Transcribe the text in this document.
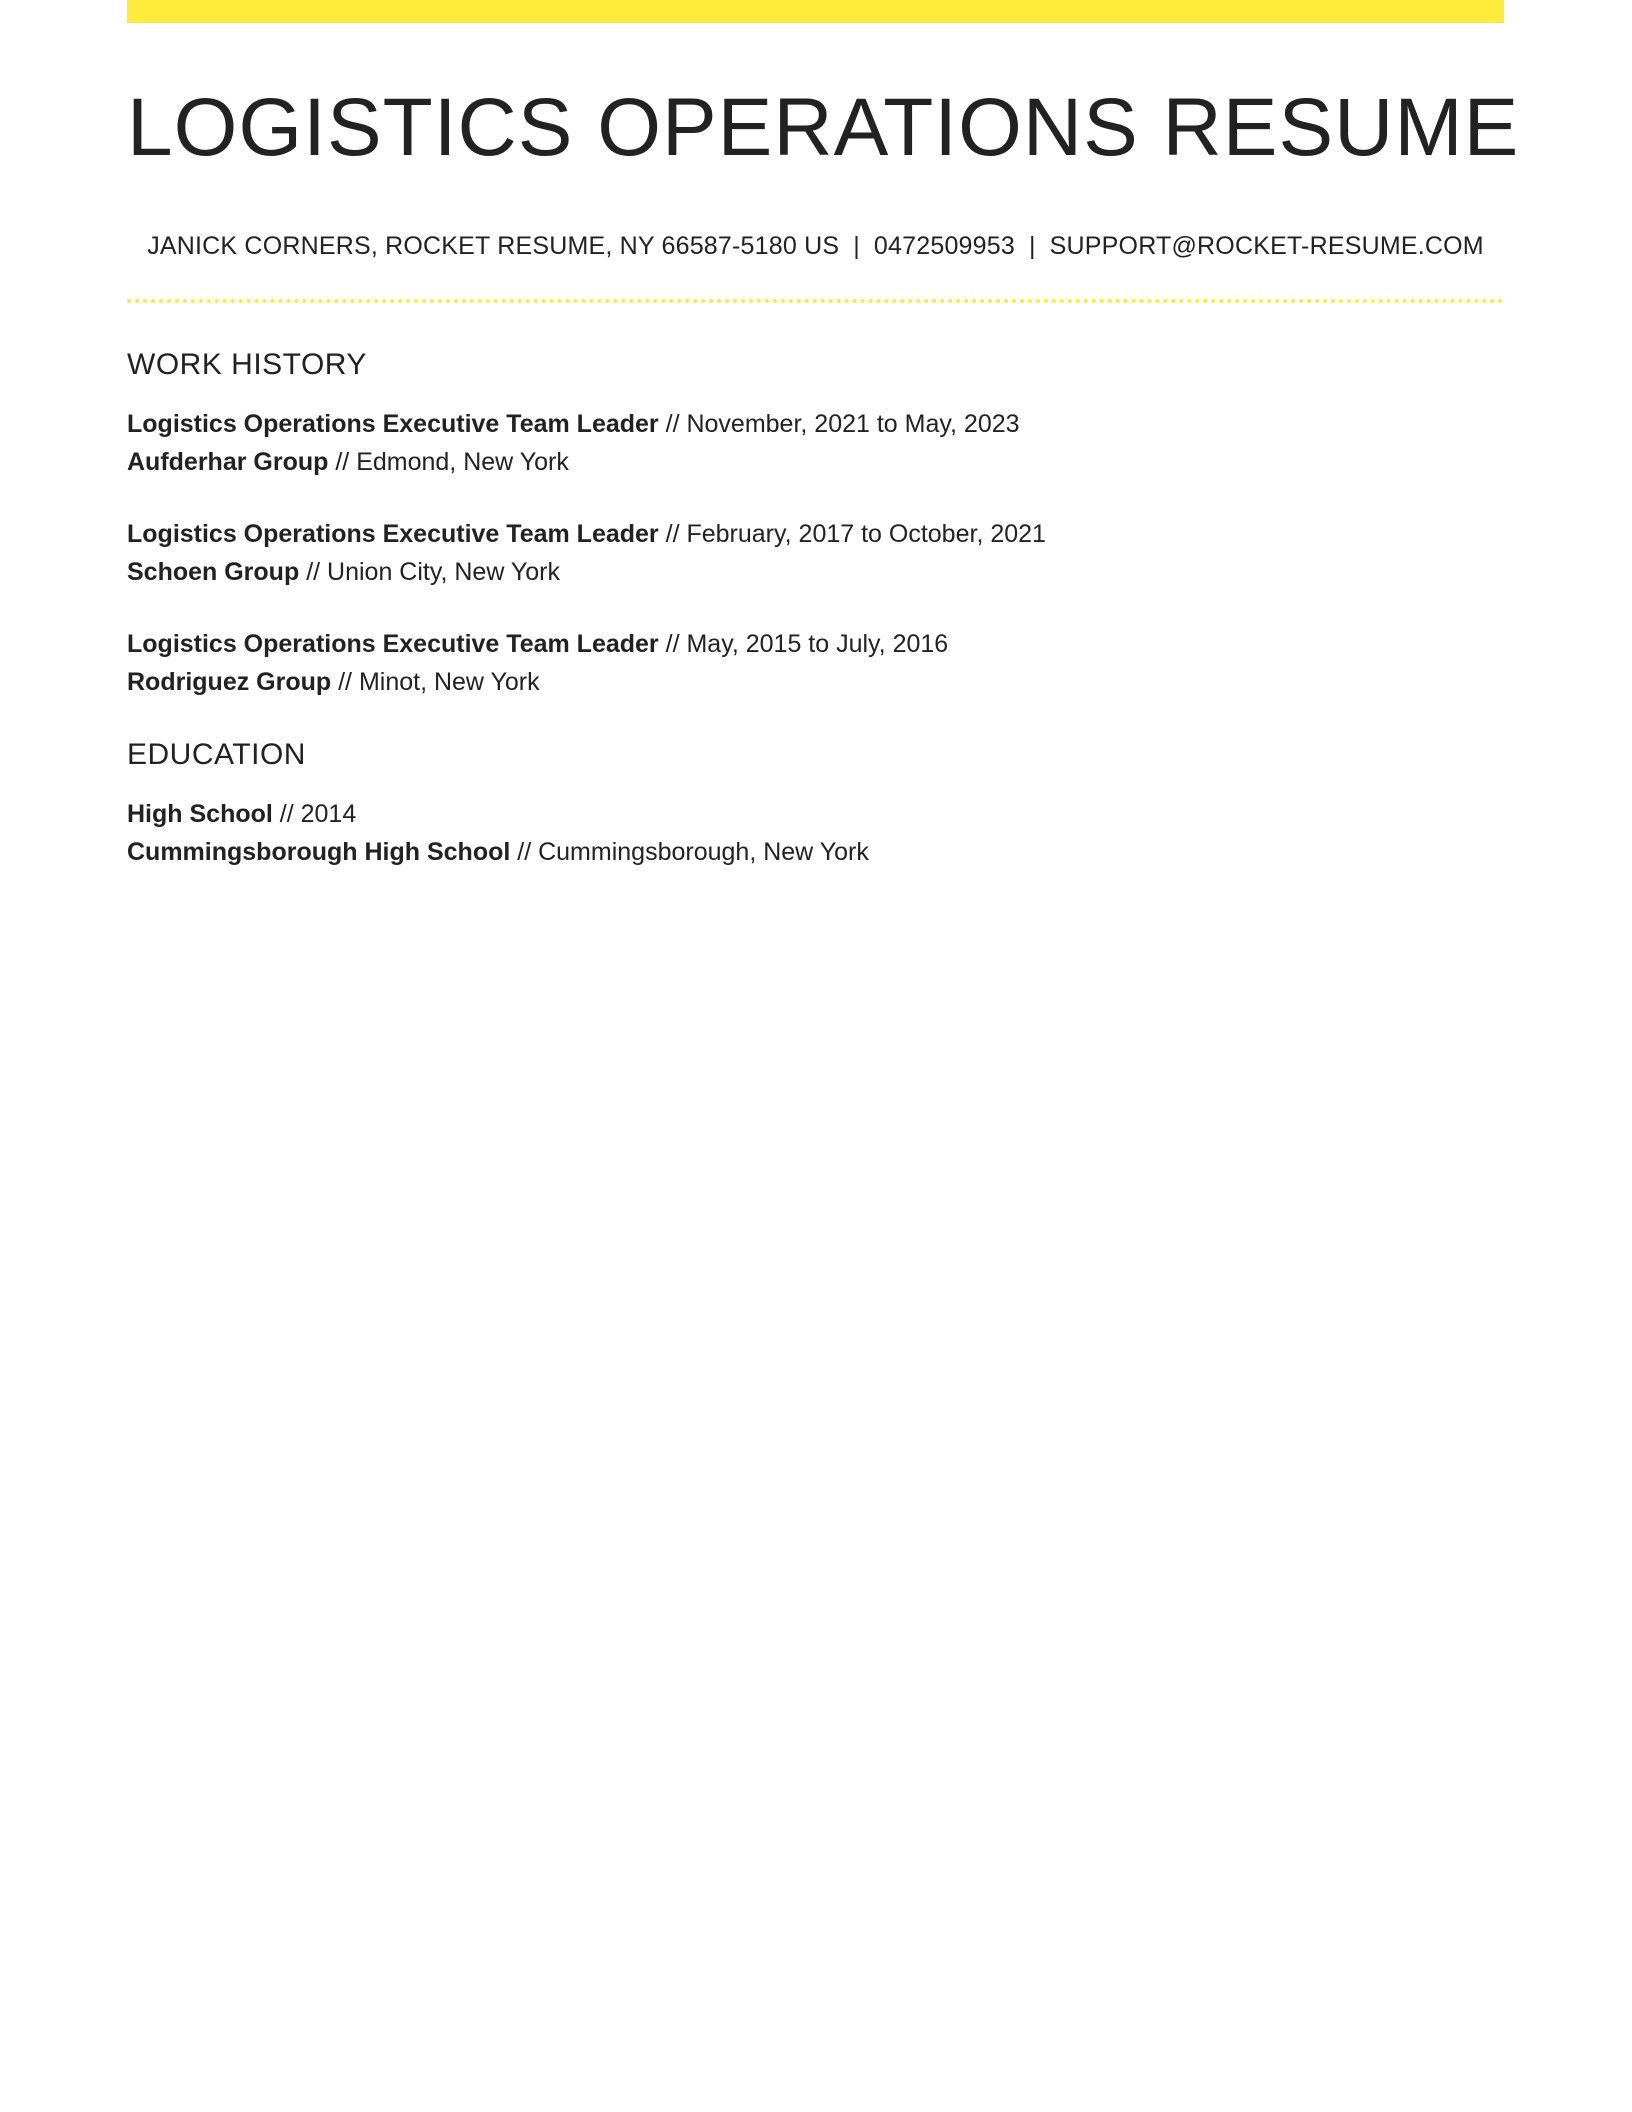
LOGISTICS OPERATIONS RESUME
JANICK CORNERS, ROCKET RESUME, NY 66587-5180 US | 0472509953 | SUPPORT@ROCKET-RESUME.COM
WORK HISTORY
Logistics Operations Executive Team Leader // November, 2021 to May, 2023
Aufderhar Group // Edmond, New York
Logistics Operations Executive Team Leader // February, 2017 to October, 2021
Schoen Group // Union City, New York
Logistics Operations Executive Team Leader // May, 2015 to July, 2016
Rodriguez Group // Minot, New York
EDUCATION
High School // 2014
Cummingsborough High School // Cummingsborough, New York
